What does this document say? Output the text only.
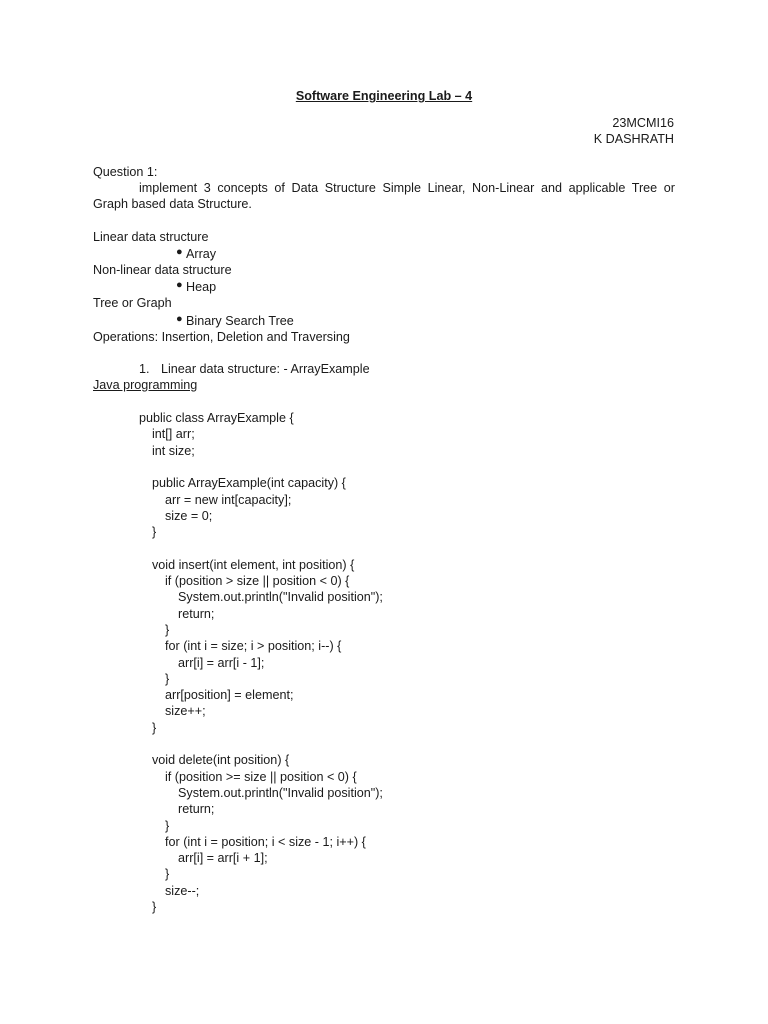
Software Engineering Lab – 4
23MCMI16
K DASHRATH
Question 1:
implement 3 concepts of Data Structure Simple Linear, Non-Linear and applicable Tree or
Graph based data Structure.
Linear data structure
● Array
Non-linear data structure
● Heap
Tree or Graph
● Binary Search Tree
Operations: Insertion, Deletion and Traversing
1. Linear data structure: - ArrayExample
Java programming
public class ArrayExample {
int[] arr;
int size;
public ArrayExample(int capacity) {
arr = new int[capacity];
size = 0;
}
void insert(int element, int position) {
if (position > size || position < 0) {
System.out.println("Invalid position");
return;
}
for (int i = size; i > position; i--) {
arr[i] = arr[i - 1];
}
arr[position] = element;
size++;
}
void delete(int position) {
if (position >= size || position < 0) {
System.out.println("Invalid position");
return;
}
for (int i = position; i < size - 1; i++) {
arr[i] = arr[i + 1];
}
size--;
}
